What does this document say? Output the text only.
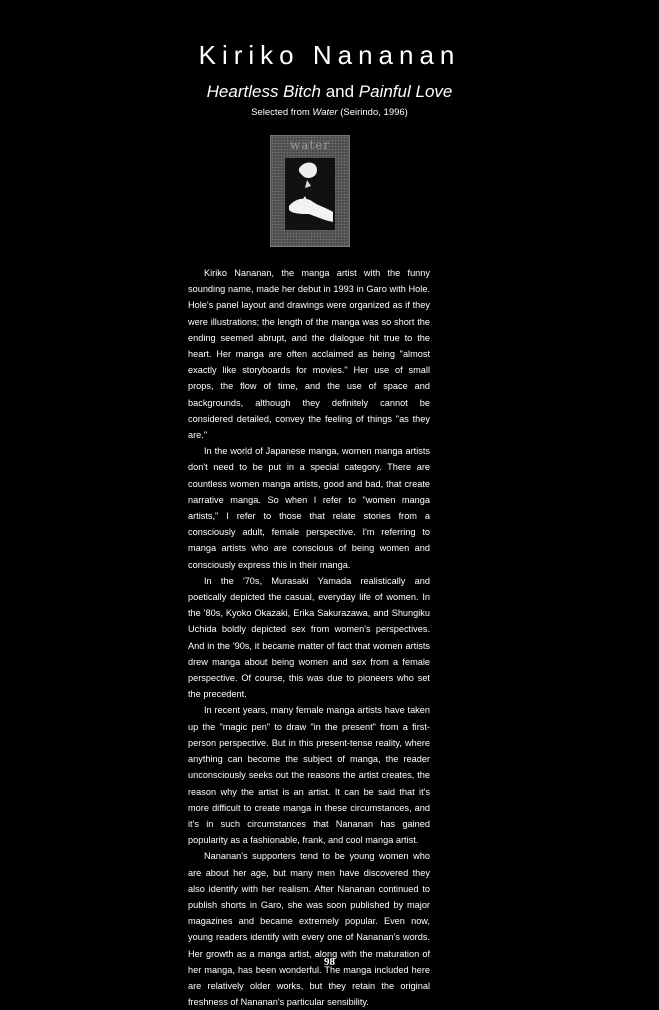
Kiriko Nananan
Heartless Bitch and Painful Love
Selected from Water (Seirindo, 1996)
water

Kiriko Nananan, the manga artist with the funny sounding name, made her debut in 1993 in Garo with Hole. Hole's panel layout and drawings were organized as if they were illustrations; the length of the manga was so short the ending seemed abrupt, and the dialogue hit true to the heart. Her manga are often acclaimed as being "almost exactly like storyboards for movies." Her use of small props, the flow of time, and the use of space and backgrounds, although they definitely cannot be considered detailed, convey the feeling of things "as they are."

In the world of Japanese manga, women manga artists don't need to be put in a special category. There are countless women manga artists, good and bad, that create narrative manga. So when I refer to "women manga artists," I refer to those that relate stories from a consciously adult, female perspective. I'm referring to manga artists who are conscious of being women and consciously express this in their manga.

In the '70s, Murasaki Yamada realistically and poetically depicted the casual, everyday life of women. In the '80s, Kyoko Okazaki, Erika Sakurazawa, and Shungiku Uchida boldly depicted sex from women's perspectives. And in the '90s, it became matter of fact that women artists drew manga about being women and sex from a female perspective. Of course, this was due to pioneers who set the precedent.

In recent years, many female manga artists have taken up the "magic pen" to draw "in the present" from a first-person perspective. But in this present-tense reality, where anything can become the subject of manga, the reader unconsciously seeks out the reasons the artist creates, the reason why the artist is an artist. It can be said that it's more difficult to create manga in these circumstances, and it's in such circumstances that Nananan has gained popularity as a fashionable, frank, and cool manga artist.

Nananan's supporters tend to be young women who are about her age, but many men have discovered they also identify with her realism. After Nananan continued to publish shorts in Garo, she was soon published by major magazines and became extremely popular. Even now, young readers identify with every one of Nananan's words. Her growth as a manga artist, along with the maturation of her manga, has been wonderful. The manga included here are relatively older works, but they retain the original freshness of Nananan's particular sensibility.

98
